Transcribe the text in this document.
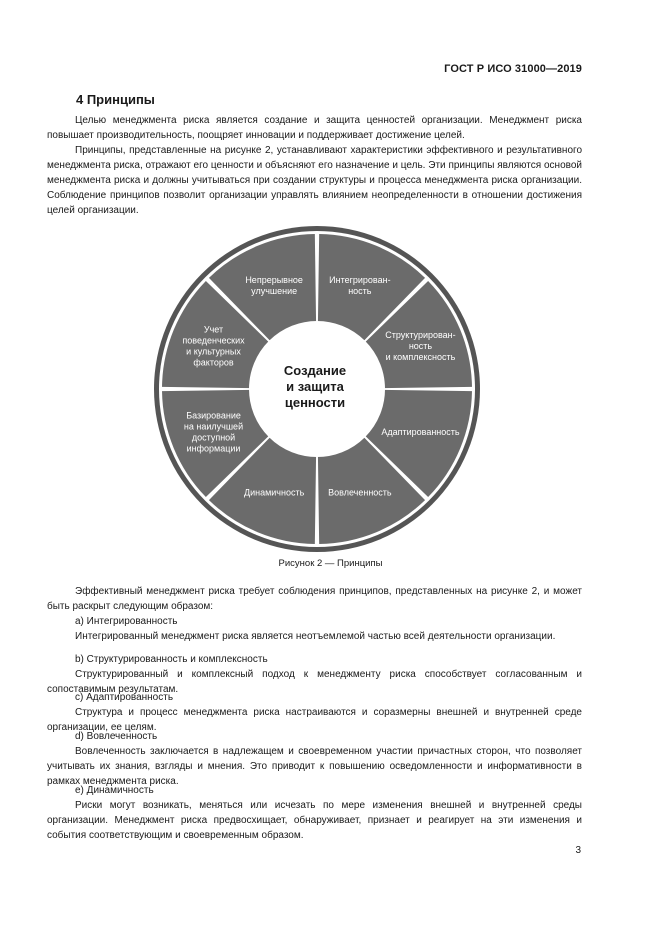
ГОСТ Р ИСО 31000—2019
4 Принципы

Целью менеджмента риска является создание и защита ценностей организации. Менеджмент риска повышает производительность, поощряет инновации и поддерживает достижение целей.

Принципы, представленные на рисунке 2, устанавливают характеристики эффективного и результативного менеджмента риска, отражают его ценности и объясняют его назначение и цель. Эти принципы являются основой менеджмента риска и должны учитываться при создании структуры и процесса менеджмента риска организации. Соблюдение принципов позволит организации управлять влиянием неопределенности в отношении достижения целей организации.

Интегрирован-ность
Структурирован-ность и комплексность
Адаптированность
Вовлеченность
Динамичность
Базирование на наилучшей доступной информации
Учет поведенческих и культурных факторов
Непрерывное улучшение
Создание
и защита
ценности
Рисунок 2 — Принципы

Эффективный менеджмент риска требует соблюдения принципов, представленных на рисунке 2, и может быть раскрыт следующим образом:

a) Интегрированность

Интегрированный менеджмент риска является неотъемлемой частью всей деятельности организации.

b) Структурированность и комплексность

Структурированный и комплексный подход к менеджменту риска способствует согласованным и сопоставимым результатам.

c) Адаптированность

Структура и процесс менеджмента риска настраиваются и соразмерны внешней и внутренней среде организации, ее целям.

d) Вовлеченность

Вовлеченность заключается в надлежащем и своевременном участии причастных сторон, что позволяет учитывать их знания, взгляды и мнения. Это приводит к повышению осведомленности и информативности в рамках менеджмента риска.

e) Динамичность

Риски могут возникать, меняться или исчезать по мере изменения внешней и внутренней среды организации. Менеджмент риска предвосхищает, обнаруживает, признает и реагирует на эти изменения и события соответствующим и своевременным образом.

3
